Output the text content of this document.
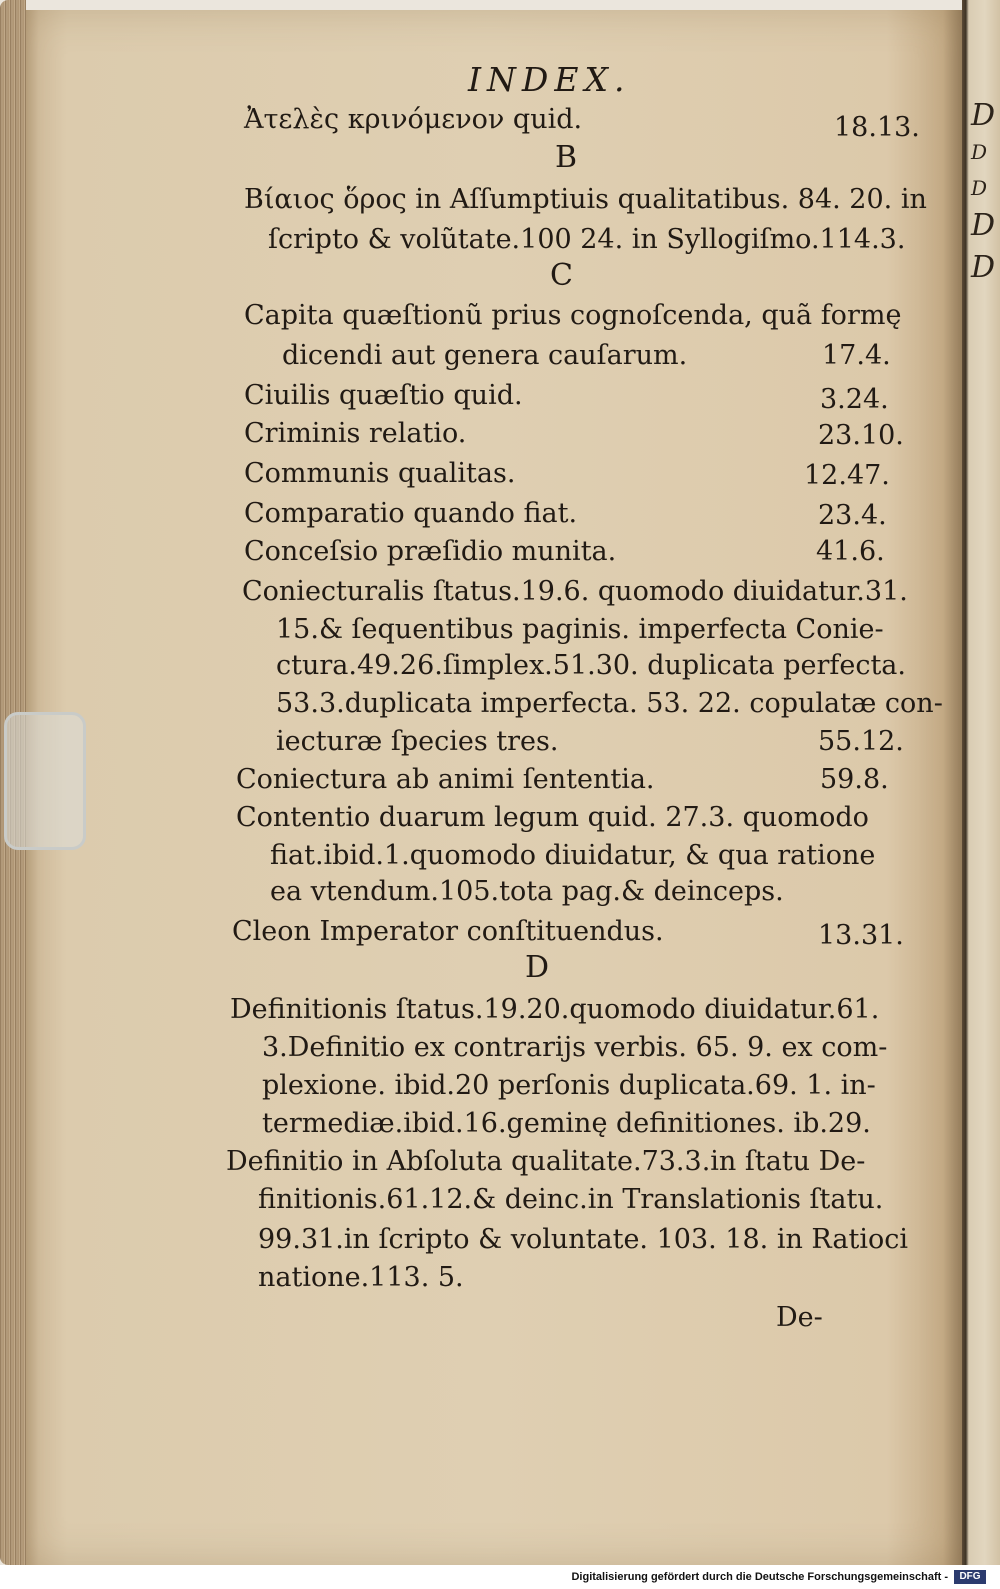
D
D
D
D
D
INDEX.
Ἀτελὲς κρινόμενον quid.	18.13.
B
Βίαιος ὅρος in Aſſumptiuis qualitatibus. 84. 20. in
ſcripto & volũtate.100 24. in Syllogiſmo.114.3.
C
Capita quæſtionũ prius cognoſcenda, quã formę
dicendi aut genera cauſarum.	17.4.
Ciuilis quæſtio quid.	3.24.
Criminis relatio.	23.10.
Communis qualitas.	12.47.
Comparatio quando fiat.	23.4.
Conceſsio præſidio munita.	41.6.
Coniecturalis ſtatus.19.6. quomodo diuidatur.31.
15.& ſequentibus paginis. imperfecta Conie-
ctura.49.26.ſimplex.51.30. duplicata perfecta.
53.3.duplicata imperfecta. 53. 22. copulatæ con-
iecturæ ſpecies tres.	55.12.
Coniectura ab animi ſententia.	59.8.
Contentio duarum legum quid. 27.3. quomodo
fiat.ibid.1.quomodo diuidatur, & qua ratione
ea vtendum.105.tota pag.& deinceps.
Cleon Imperator conſtituendus.	13.31.
D
Definitionis ſtatus.19.20.quomodo diuidatur.61.
3.Definitio ex contrarijs verbis. 65. 9. ex com-
plexione. ibid.20 perſonis duplicata.69. 1. in-
termediæ.ibid.16.geminę definitiones. ib.29.
Definitio in Abſoluta qualitate.73.3.in ſtatu De-
finitionis.61.12.& deinc.in Translationis ſtatu.
99.31.in ſcripto & voluntate. 103. 18. in Ratioci
natione.113. 5.
De-
Digitalisierung gefördert durch die Deutsche Forschungsgemeinschaft -	DFG
